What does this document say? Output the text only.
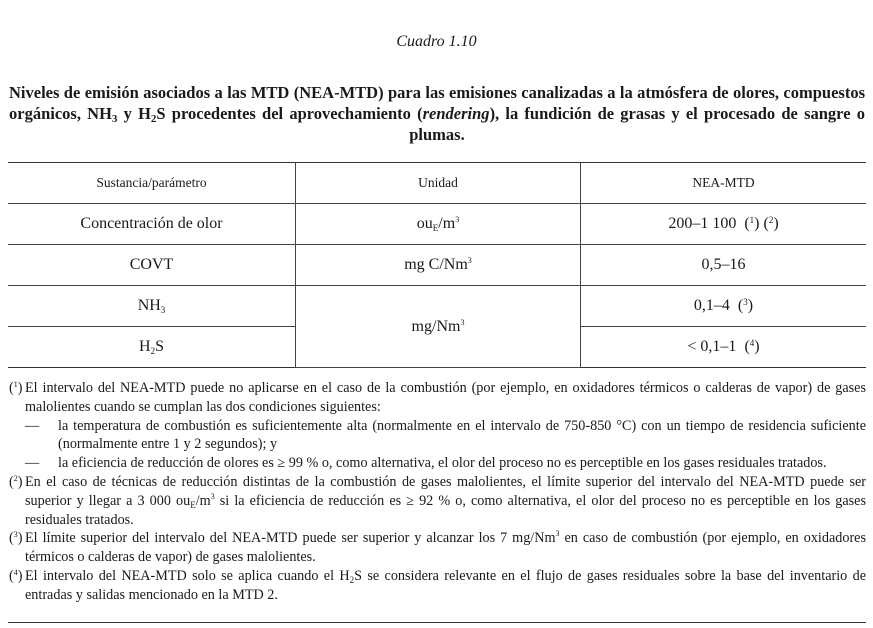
Cuadro 1.10
Niveles de emisión asociados a las MTD (NEA-MTD) para las emisiones canalizadas a la atmósfera de olores, compuestos orgánicos, $NH_3$ y $H_2S$ procedentes del aprovechamiento (rendering), la fundición de grasas y el procesado de sangre o plumas.
Sustancia/parámetro	Unidad	NEA-MTD
Concentración de olor	$ou_E/m^3$	200–1 100  ($^1$) ($^2$)
COVT	mg C/Nm$^3$	0,5–16
$NH_3$	mg/Nm$^3$	0,1–4  ($^3$)
$H_2S$		< 0,1–1  ($^4$)
($^1$) El intervalo del NEA-MTD puede no aplicarse en el caso de la combustión (por ejemplo, en oxidadores térmicos o calderas de vapor) de gases malolientes cuando se cumplan las dos condiciones siguientes:
— la temperatura de combustión es suficientemente alta (normalmente en el intervalo de 750-850 °C) con un tiempo de residencia suficiente (normalmente entre 1 y 2 segundos); y
— la eficiencia de reducción de olores es ≥ 99 % o, como alternativa, el olor del proceso no es perceptible en los gases residuales tratados.
($^2$) En el caso de técnicas de reducción distintas de la combustión de gases malolientes, el límite superior del intervalo del NEA-MTD puede ser superior y llegar a 3 000 $ou_E/m^3$ si la eficiencia de reducción es ≥ 92 % o, como alternativa, el olor del proceso no es perceptible en los gases residuales tratados.
($^3$) El límite superior del intervalo del NEA-MTD puede ser superior y alcanzar los 7 mg/Nm$^3$ en caso de combustión (por ejemplo, en oxidadores térmicos o calderas de vapor) de gases malolientes.
($^4$) El intervalo del NEA-MTD solo se aplica cuando el $H_2S$ se considera relevante en el flujo de gases residuales sobre la base del inventario de entradas y salidas mencionado en la MTD 2.
